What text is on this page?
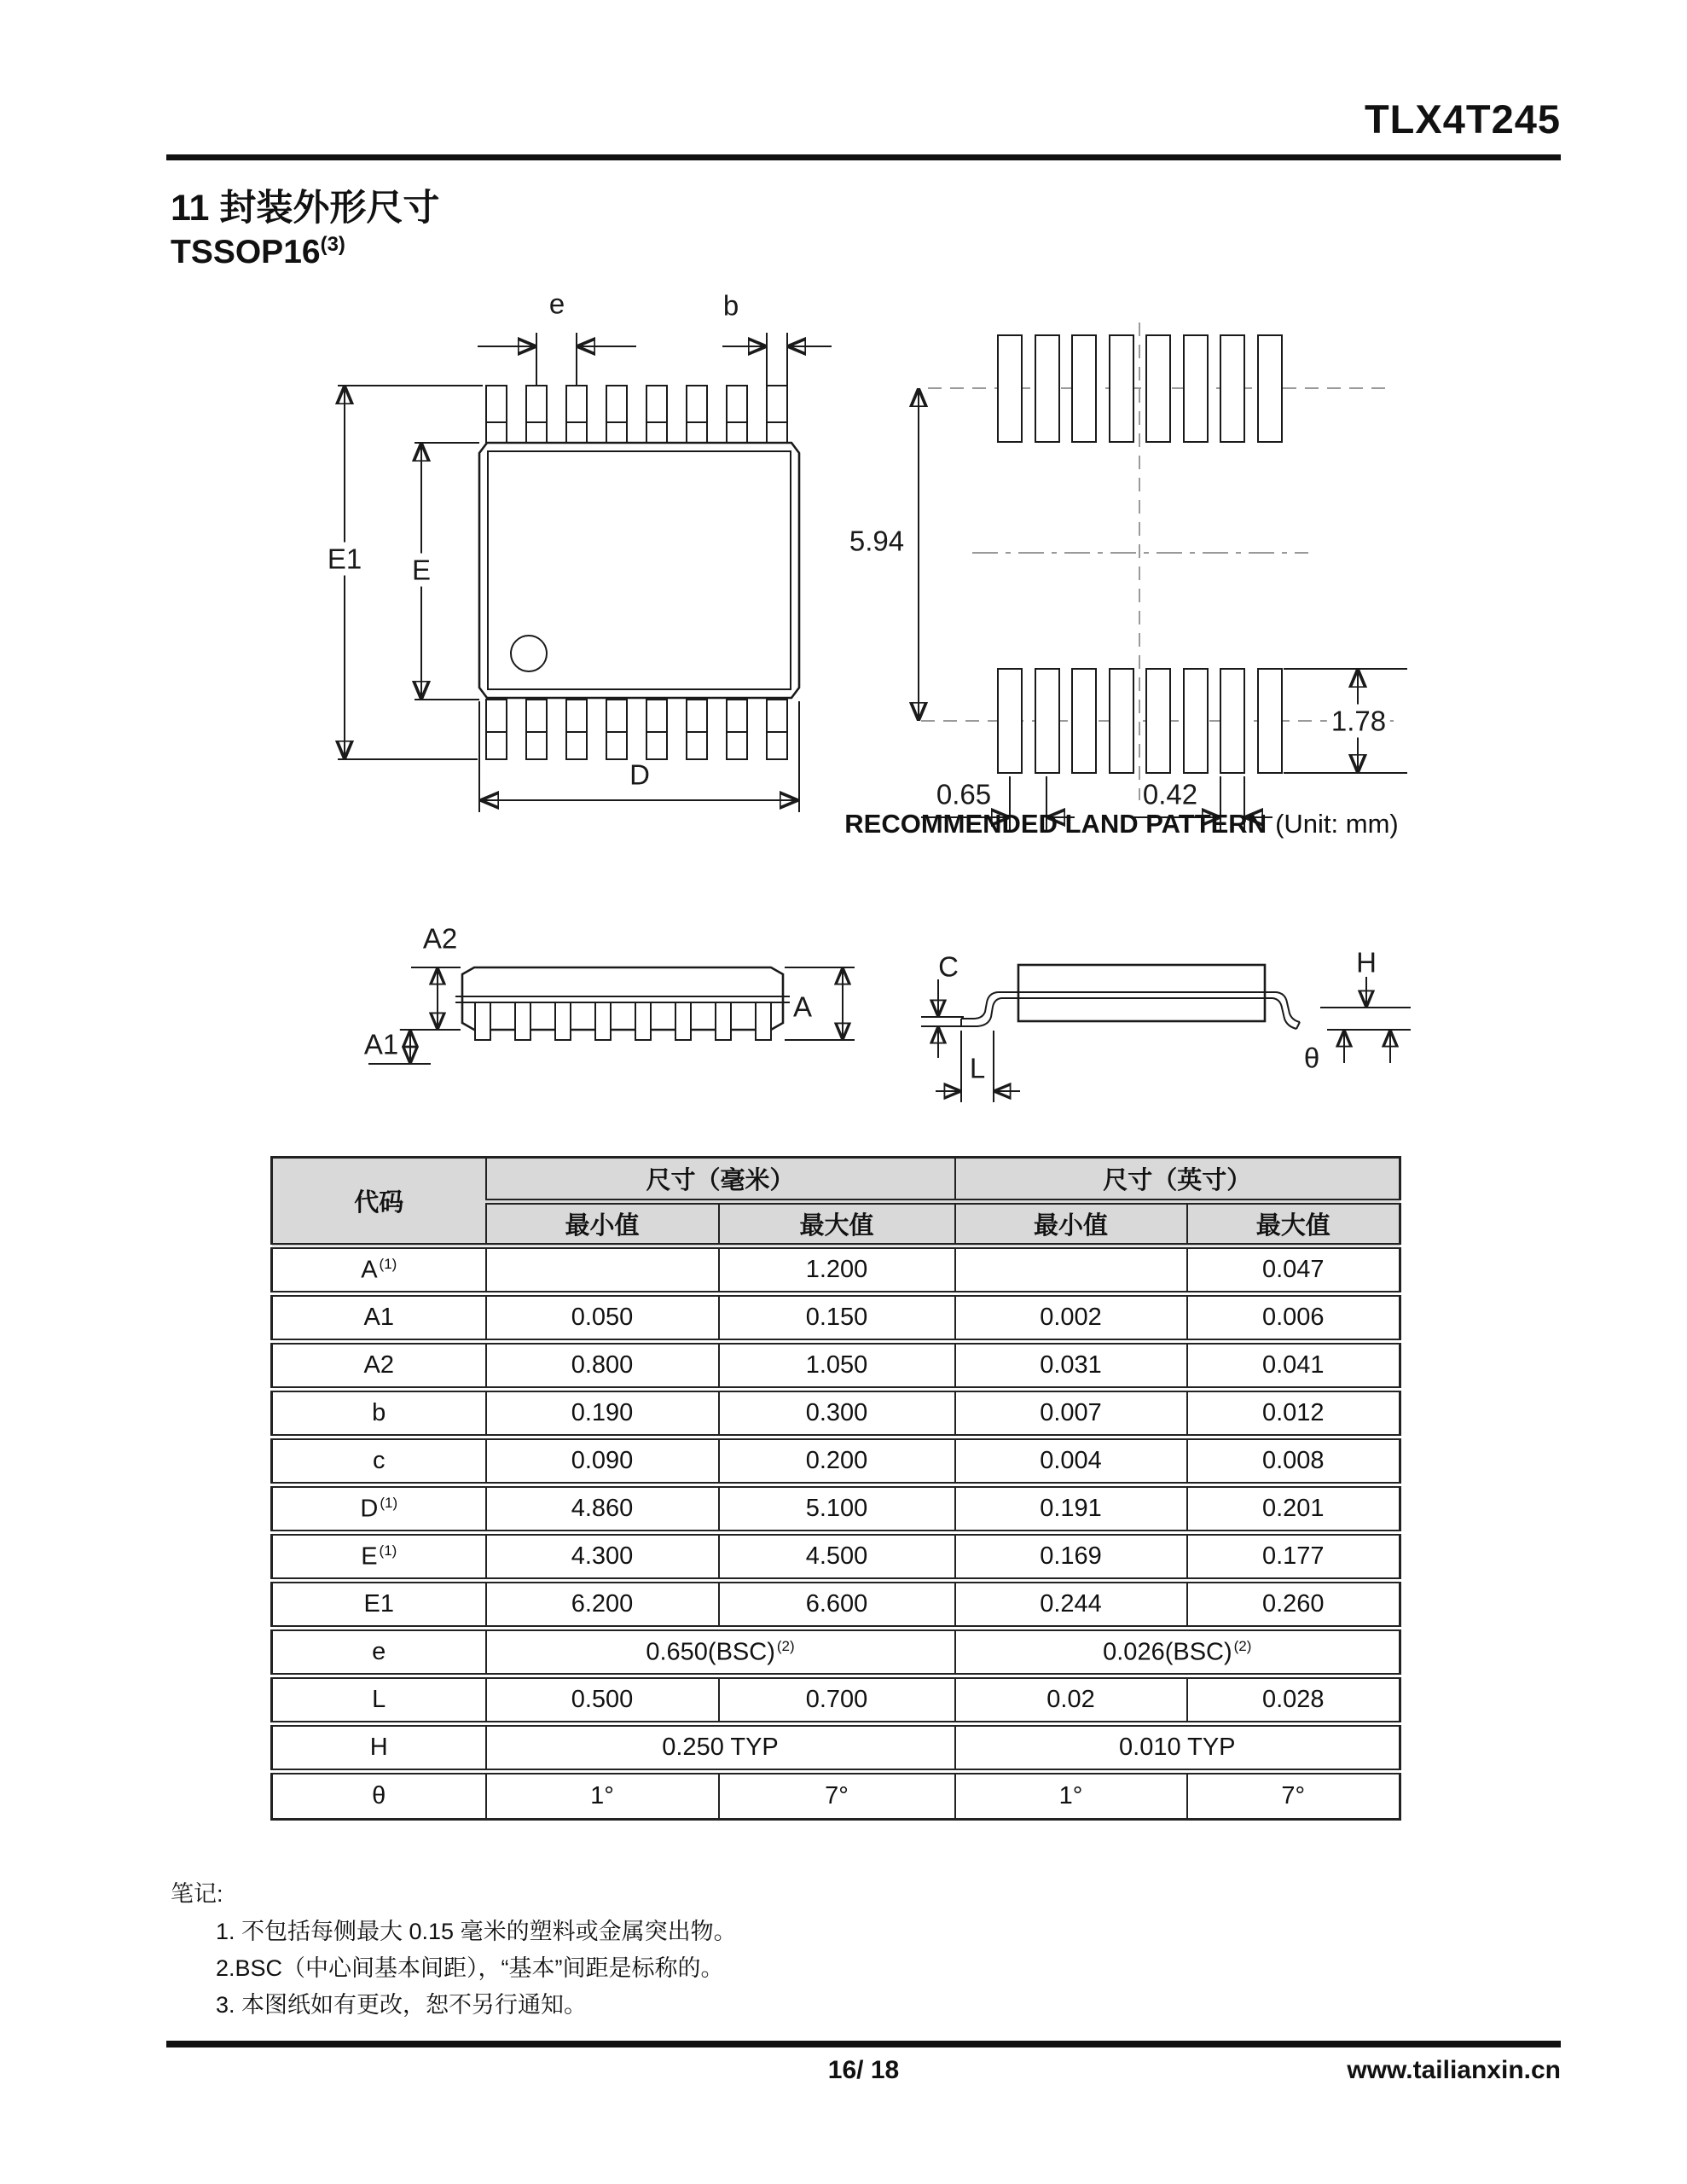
TLX4T245
11 封装外形尺寸
TSSOP16$^{(3)}$
e	b
E1 E
D
5.94
1.78
0.65	0.42
RECOMMENDED LAND PATTERN (Unit: mm)
A2
A1
A
C
L
H
θ
代码	尺寸（毫米）		尺寸（英寸）	
	最小值	最大值	最小值	最大值
A $^{(1)}$		1.200		0.047
A1	0.050	0.150	0.002	0.006
A2	0.800	1.050	0.031	0.041
b	0.190	0.300	0.007	0.012
c	0.090	0.200	0.004	0.008
D $^{(1)}$	4.860	5.100	0.191	0.201
E $^{(1)}$	4.300	4.500	0.169	0.177
E1	6.200	6.600	0.244	0.260
e	0.650(BSC) $^{(2)}$		0.026(BSC) $^{(2)}$
L	0.500	0.700	0.02	0.028
H	0.250 TYP		0.010 TYP	
θ	1°	7°	1°	7°
笔记:
1. 不包括每侧最大 0.15 毫米的塑料或金属突出物。
2.BSC（中心间基本间距），“基本”间距是标称的。
3. 本图纸如有更改，恕不另行通知。
16/ 18	www.tailianxin.cn
